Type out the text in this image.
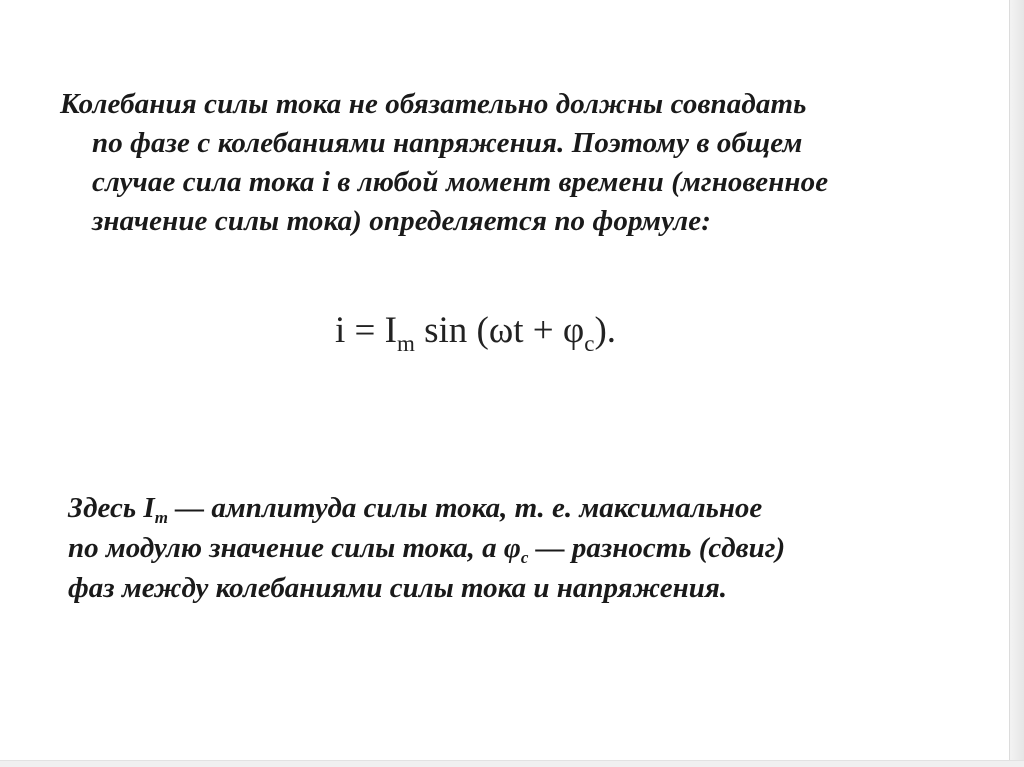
Колебания силы тока не обязательно должны совпадать
по фазе с колебаниями напряжения. Поэтому в общем
случае сила тока i в любой момент времени (мгновенное
значение силы тока) определяется по формуле:

$i = I_m$ $\sin (\omega t + \varphi_c)$.

Здесь $I_m$ — амплитуда силы тока, т. е. максимальное
по модулю значение силы тока, а $\varphi_c$ — разность (сдвиг)
фаз между колебаниями силы тока и напряжения.
